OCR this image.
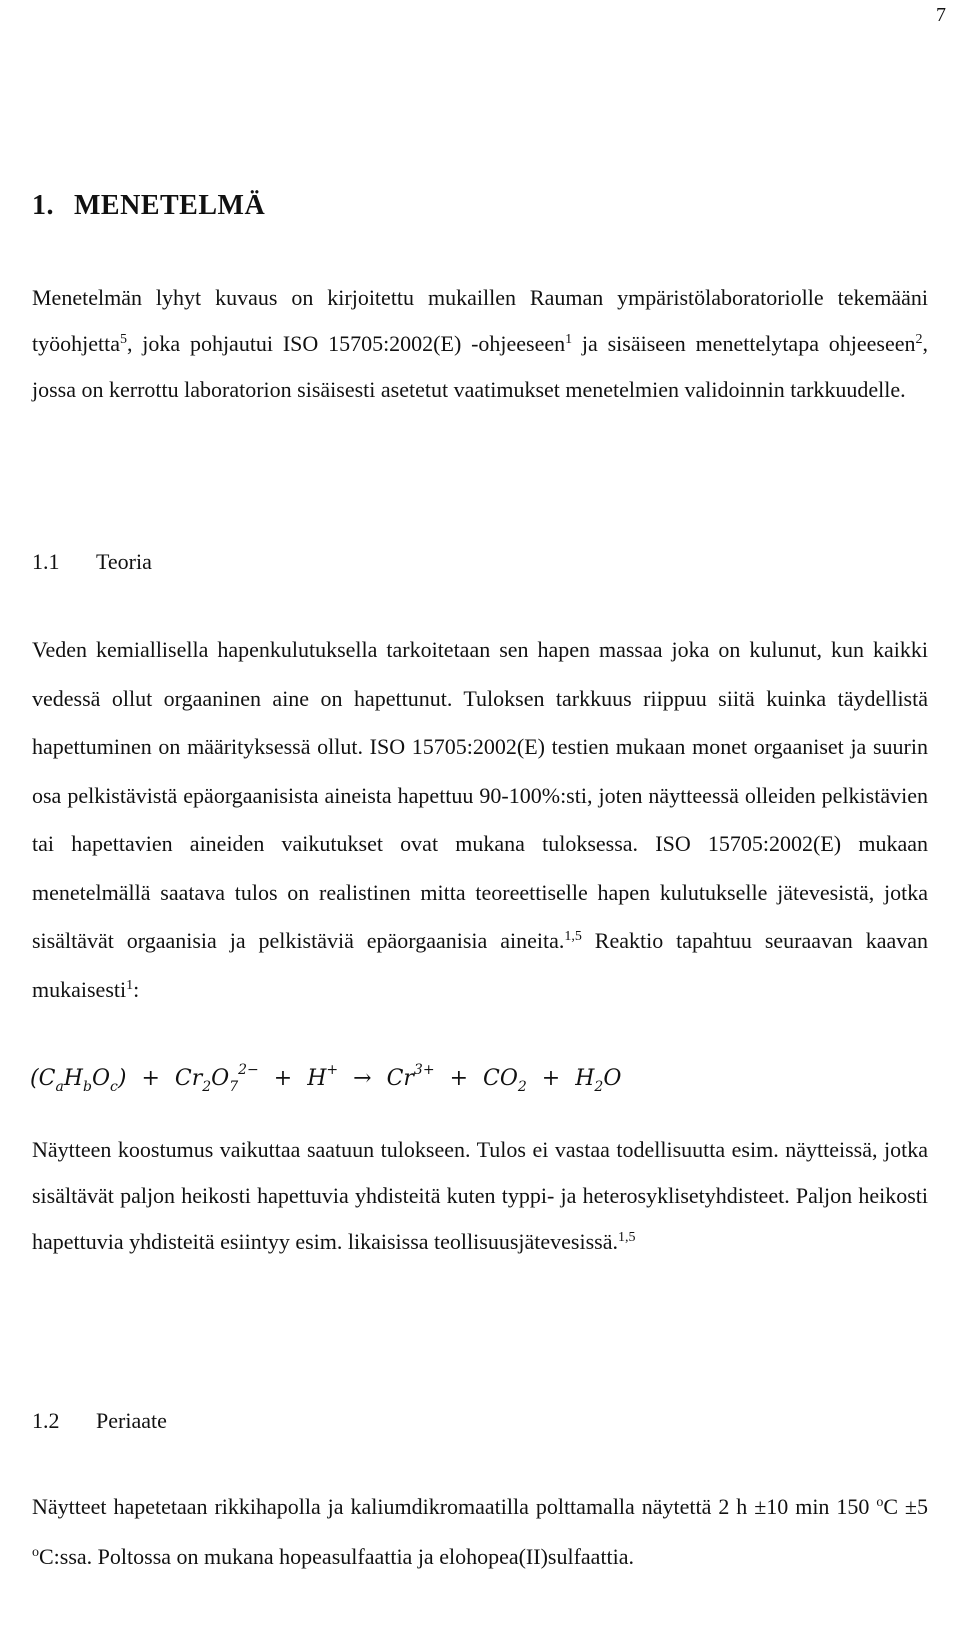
7
1. MENETELMÄ

Menetelmän lyhyt kuvaus on kirjoitettu mukaillen Rauman ympäristölaboratoriolle tekemääni työohjetta$^5$, joka pohjautui ISO 15705:2002(E) -ohjeeseen$^1$ ja sisäiseen menettelytapa ohjeeseen$^2$, jossa on kerrottu laboratorion sisäisesti asetetut vaatimukset menetelmien validoinnin tarkkuudelle.

1.1 Teoria

Veden kemiallisella hapenkulutuksella tarkoitetaan sen hapen massaa joka on kulunut, kun kaikki vedessä ollut orgaaninen aine on hapettunut. Tuloksen tarkkuus riippuu siitä kuinka täydellistä hapettuminen on määrityksessä ollut. ISO 15705:2002(E) testien mukaan monet orgaaniset ja suurin osa pelkistävistä epäorgaanisista aineista hapettuu 90-100%:sti, joten näytteessä olleiden pelkistävien tai hapettavien aineiden vaikutukset ovat mukana tuloksessa. ISO 15705:2002(E) mukaan menetelmällä saatava tulos on realistinen mitta teoreettiselle hapen kulutukselle jätevesistä, jotka sisältävät orgaanisia ja pelkistäviä epäorgaanisia aineita.$^{1,5}$ Reaktio tapahtuu seuraavan kaavan mukaisesti$^1$:

$(C_aH_bO_c) + Cr_2O_7^{2-} + H^+ \to Cr^{3+} + CO_2 + H_2O$

Näytteen koostumus vaikuttaa saatuun tulokseen. Tulos ei vastaa todellisuutta esim. näytteissä, jotka sisältävät paljon heikosti hapettuvia yhdisteitä kuten typpi- ja heterosyklisetyhdisteet. Paljon heikosti hapettuvia yhdisteitä esiintyy esim. likaisissa teollisuusjätevesissä.$^{1,5}$

1.2 Periaate

Näytteet hapetetaan rikkihapolla ja kaliumdikromaatilla polttamalla näytettä 2 h ±10 min 150 $^o$C ±5 $^o$C:ssa. Poltossa on mukana hopeasulfaattia ja elohopea(II)sulfaattia.
